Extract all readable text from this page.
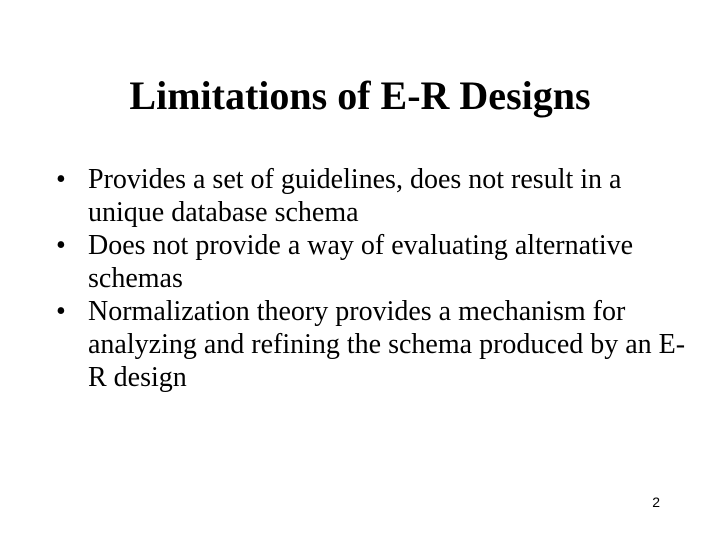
Limitations of E-R Designs
• Provides a set of guidelines, does not result in a unique database schema
• Does not provide a way of evaluating alternative schemas
• Normalization theory provides a mechanism for analyzing and refining the schema produced by an E-R design
2
